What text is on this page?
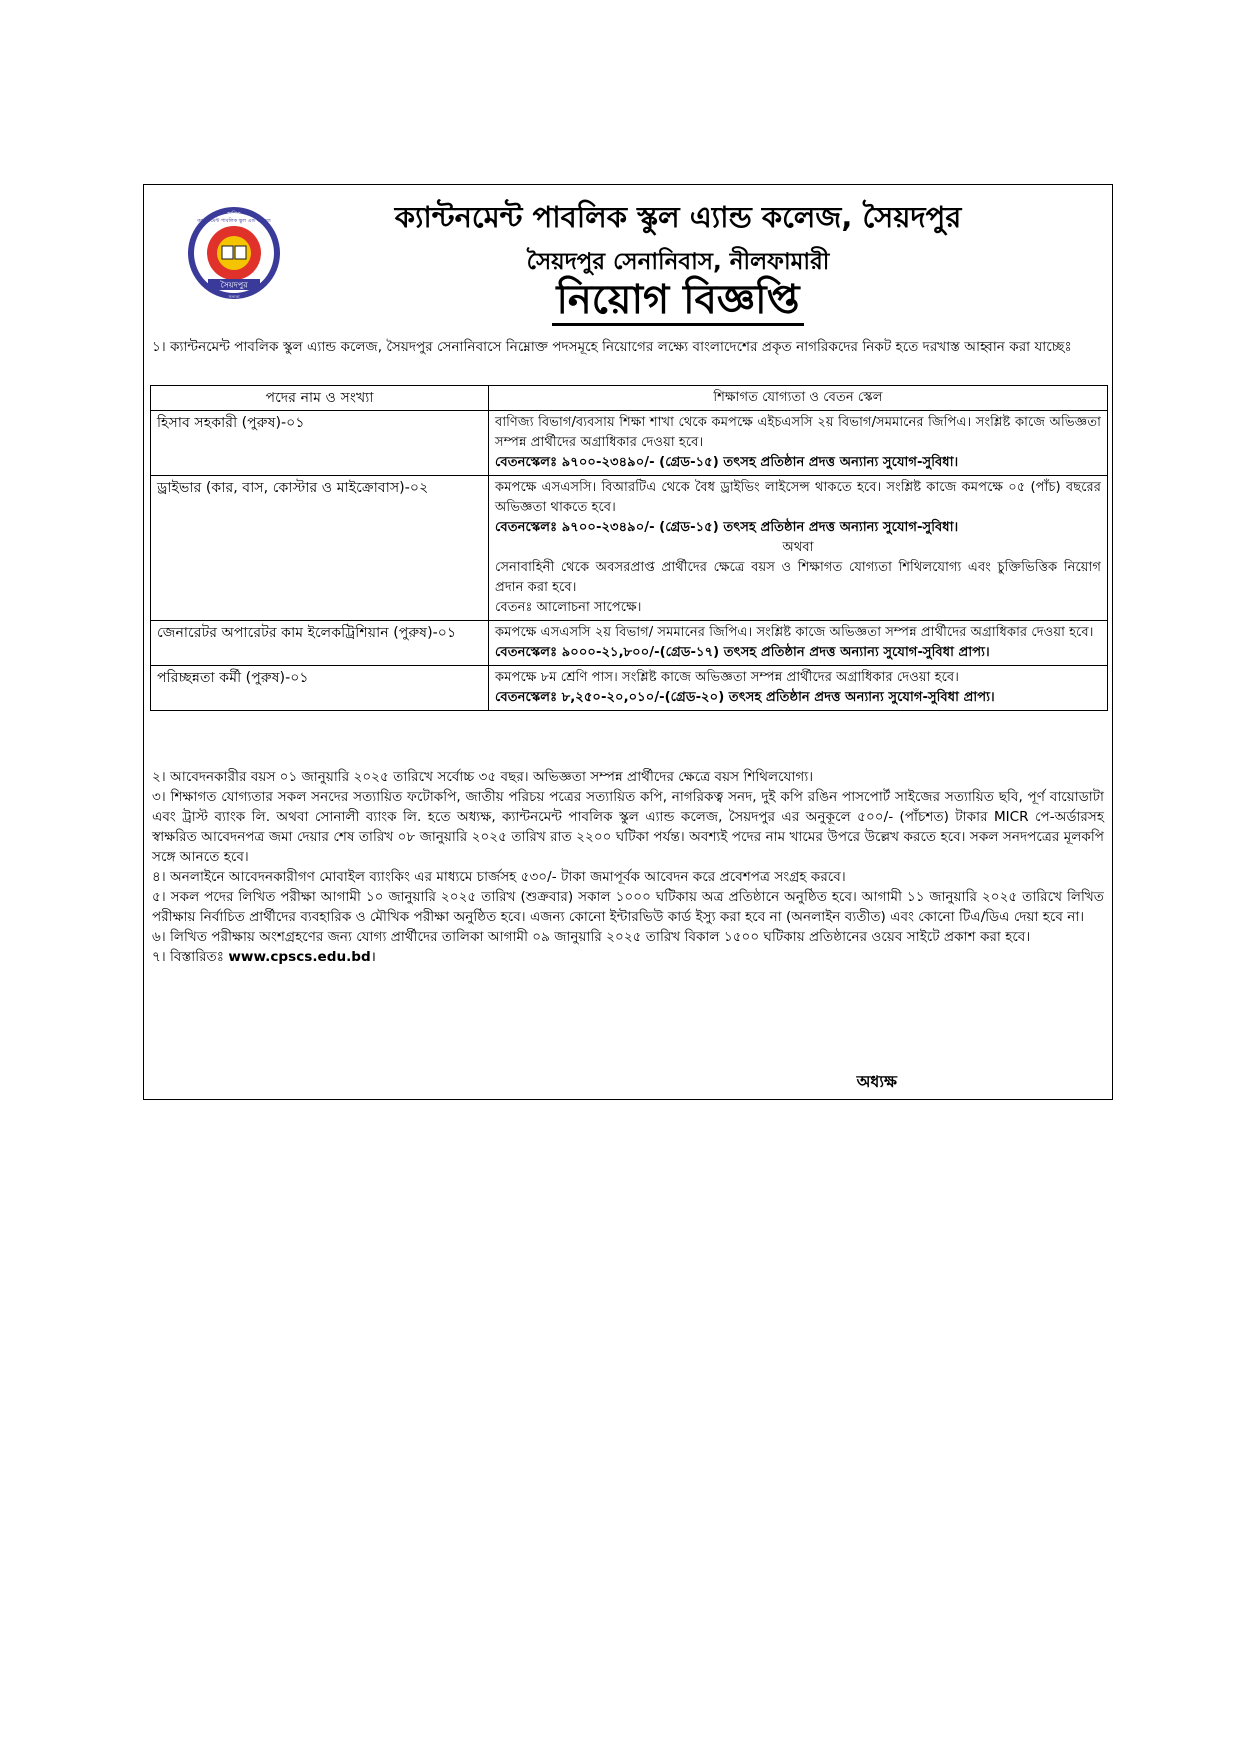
স্থাপিত
ক্যান্টনমেন্ট পাবলিক স্কুল এন্ড কলেজ
সৈয়দপুর
সত্যতা
ক্যান্টনমেন্ট পাবলিক স্কুল এ্যান্ড কলেজ, সৈয়দপুর
সৈয়দপুর সেনানিবাস, নীলফামারী
নিয়োগ বিজ্ঞপ্তি
১। ক্যান্টনমেন্ট পাবলিক স্কুল এ্যান্ড কলেজ, সৈয়দপুর সেনানিবাসে নিম্নোক্ত পদসমূহে নিয়োগের লক্ষ্যে বাংলাদেশের প্রকৃত নাগরিকদের নিকট হতে দরখাস্ত আহ্বান করা যাচ্ছেঃ
পদের নাম ও সংখ্যা	শিক্ষাগত যোগ্যতা ও বেতন স্কেল
হিসাব সহকারী (পুরুষ)-০১	বাণিজ্য বিভাগ/ব্যবসায় শিক্ষা শাখা থেকে কমপক্ষে এইচএসসি ২য় বিভাগ/সমমানের জিপিএ। সংশ্লিষ্ট কাজে অভিজ্ঞতা সম্পন্ন প্রার্থীদের অগ্রাধিকার দেওয়া হবে।
বেতনস্কেলঃ ৯৭০০-২৩৪৯০/- (গ্রেড-১৫) তৎসহ প্রতিষ্ঠান প্রদত্ত অন্যান্য সুযোগ-সুবিধা।

ড্রাইভার (কার, বাস, কোস্টার ও মাইক্রোবাস)-০২	কমপক্ষে এসএসসি। বিআরটিএ থেকে বৈধ ড্রাইভিং লাইসেন্স থাকতে হবে। সংশ্লিষ্ট কাজে কমপক্ষে ০৫ (পাঁচ) বছরের অভিজ্ঞতা থাকতে হবে।
বেতনস্কেলঃ ৯৭০০-২৩৪৯০/- (গ্রেড-১৫) তৎসহ প্রতিষ্ঠান প্রদত্ত অন্যান্য সুযোগ-সুবিধা।
অথবা
সেনাবাহিনী থেকে অবসরপ্রাপ্ত প্রার্থীদের ক্ষেত্রে বয়স ও শিক্ষাগত যোগ্যতা শিথিলযোগ্য এবং চুক্তিভিত্তিক নিয়োগ প্রদান করা হবে।
বেতনঃ আলোচনা সাপেক্ষে।

জেনারেটর অপারেটর কাম ইলেকট্রিশিয়ান (পুরুষ)-০১	কমপক্ষে এসএসসি ২য় বিভাগ/ সমমানের জিপিএ। সংশ্লিষ্ট কাজে অভিজ্ঞতা সম্পন্ন প্রার্থীদের অগ্রাধিকার দেওয়া হবে।
বেতনস্কেলঃ ৯০০০-২১,৮০০/-(গ্রেড-১৭) তৎসহ প্রতিষ্ঠান প্রদত্ত অন্যান্য সুযোগ-সুবিধা প্রাপ্য।

পরিচ্ছন্নতা কর্মী (পুরুষ)-০১	কমপক্ষে ৮ম শ্রেণি পাস। সংশ্লিষ্ট কাজে অভিজ্ঞতা সম্পন্ন প্রার্থীদের অগ্রাধিকার দেওয়া হবে।
বেতনস্কেলঃ ৮,২৫০-২০,০১০/-(গ্রেড-২০) তৎসহ প্রতিষ্ঠান প্রদত্ত অন্যান্য সুযোগ-সুবিধা প্রাপ্য।

২। আবেদনকারীর বয়স ০১ জানুয়ারি ২০২৫ তারিখে সর্বোচ্চ ৩৫ বছর। অভিজ্ঞতা সম্পন্ন প্রার্থীদের ক্ষেত্রে বয়স শিথিলযোগ্য।

৩। শিক্ষাগত যোগ্যতার সকল সনদের সত্যায়িত ফটোকপি, জাতীয় পরিচয় পত্রের সত্যায়িত কপি, নাগরিকত্ব সনদ, দুই কপি রঙিন পাসপোর্ট সাইজের সত্যায়িত ছবি, পূর্ণ বায়োডাটা এবং ট্রাস্ট ব্যাংক লি. অথবা সোনালী ব্যাংক লি. হতে অধ্যক্ষ, ক্যান্টনমেন্ট পাবলিক স্কুল এ্যান্ড কলেজ, সৈয়দপুর এর অনুকূলে ৫০০/- (পাঁচশত) টাকার MICR পে-অর্ডারসহ স্বাক্ষরিত আবেদনপত্র জমা দেয়ার শেষ তারিখ ০৮ জানুয়ারি ২০২৫ তারিখ রাত ২২০০ ঘটিকা পর্যন্ত। অবশ্যই পদের নাম খামের উপরে উল্লেখ করতে হবে। সকল সনদপত্রের মূলকপি সঙ্গে আনতে হবে।

৪। অনলাইনে আবেদনকারীগণ মোবাইল ব্যাংকিং এর মাধ্যমে চার্জসহ ৫৩০/- টাকা জমাপূর্বক আবেদন করে প্রবেশপত্র সংগ্রহ করবে।

৫। সকল পদের লিখিত পরীক্ষা আগামী ১০ জানুয়ারি ২০২৫ তারিখ (শুক্রবার) সকাল ১০০০ ঘটিকায় অত্র প্রতিষ্ঠানে অনুষ্ঠিত হবে। আগামী ১১ জানুয়ারি ২০২৫ তারিখে লিখিত পরীক্ষায় নির্বাচিত প্রার্থীদের ব্যবহারিক ও মৌখিক পরীক্ষা অনুষ্ঠিত হবে। এজন্য কোনো ইন্টারভিউ কার্ড ইস্যু করা হবে না (অনলাইন ব্যতীত) এবং কোনো টিএ/ডিএ দেয়া হবে না।

৬। লিখিত পরীক্ষায় অংশগ্রহণের জন্য যোগ্য প্রার্থীদের তালিকা আগামী ০৯ জানুয়ারি ২০২৫ তারিখ বিকাল ১৫০০ ঘটিকায় প্রতিষ্ঠানের ওয়েব সাইটে প্রকাশ করা হবে।

৭। বিস্তারিতঃ www.cpscs.edu.bd।

অধ্যক্ষ
